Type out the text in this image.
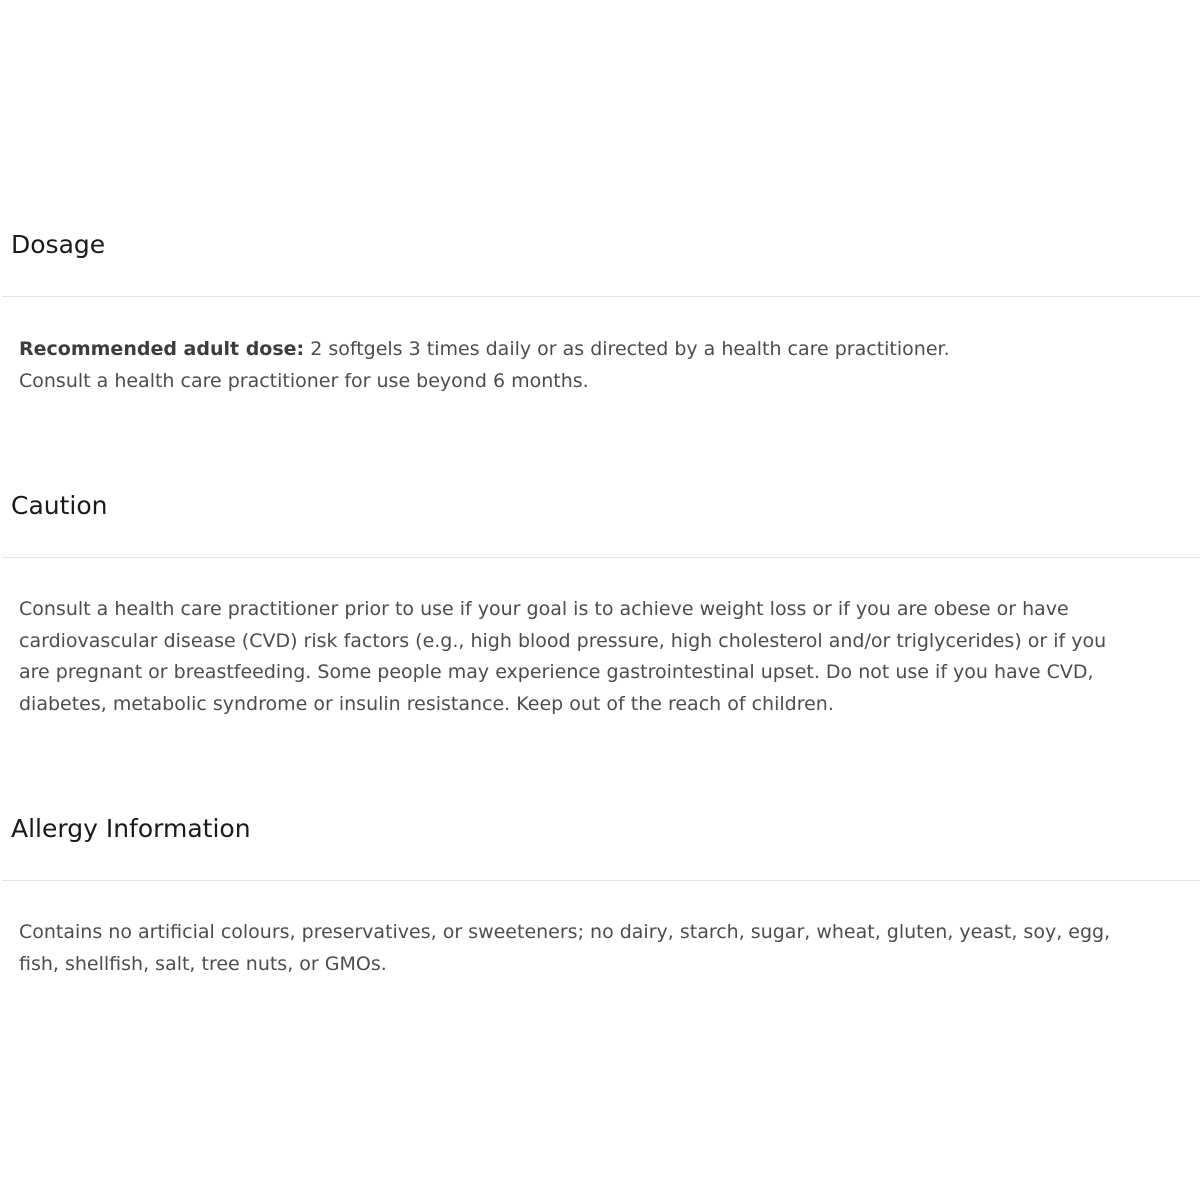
Dosage
Recommended adult dose: 2 softgels 3 times daily or as directed by a health care practitioner.
Consult a health care practitioner for use beyond 6 months.
Caution
Consult a health care practitioner prior to use if your goal is to achieve weight loss or if you are obese or have
cardiovascular disease (CVD) risk factors (e.g., high blood pressure, high cholesterol and/or triglycerides) or if you
are pregnant or breastfeeding. Some people may experience gastrointestinal upset. Do not use if you have CVD,
diabetes, metabolic syndrome or insulin resistance. Keep out of the reach of children.
Allergy Information
Contains no artificial colours, preservatives, or sweeteners; no dairy, starch, sugar, wheat, gluten, yeast, soy, egg,
fish, shellfish, salt, tree nuts, or GMOs.
